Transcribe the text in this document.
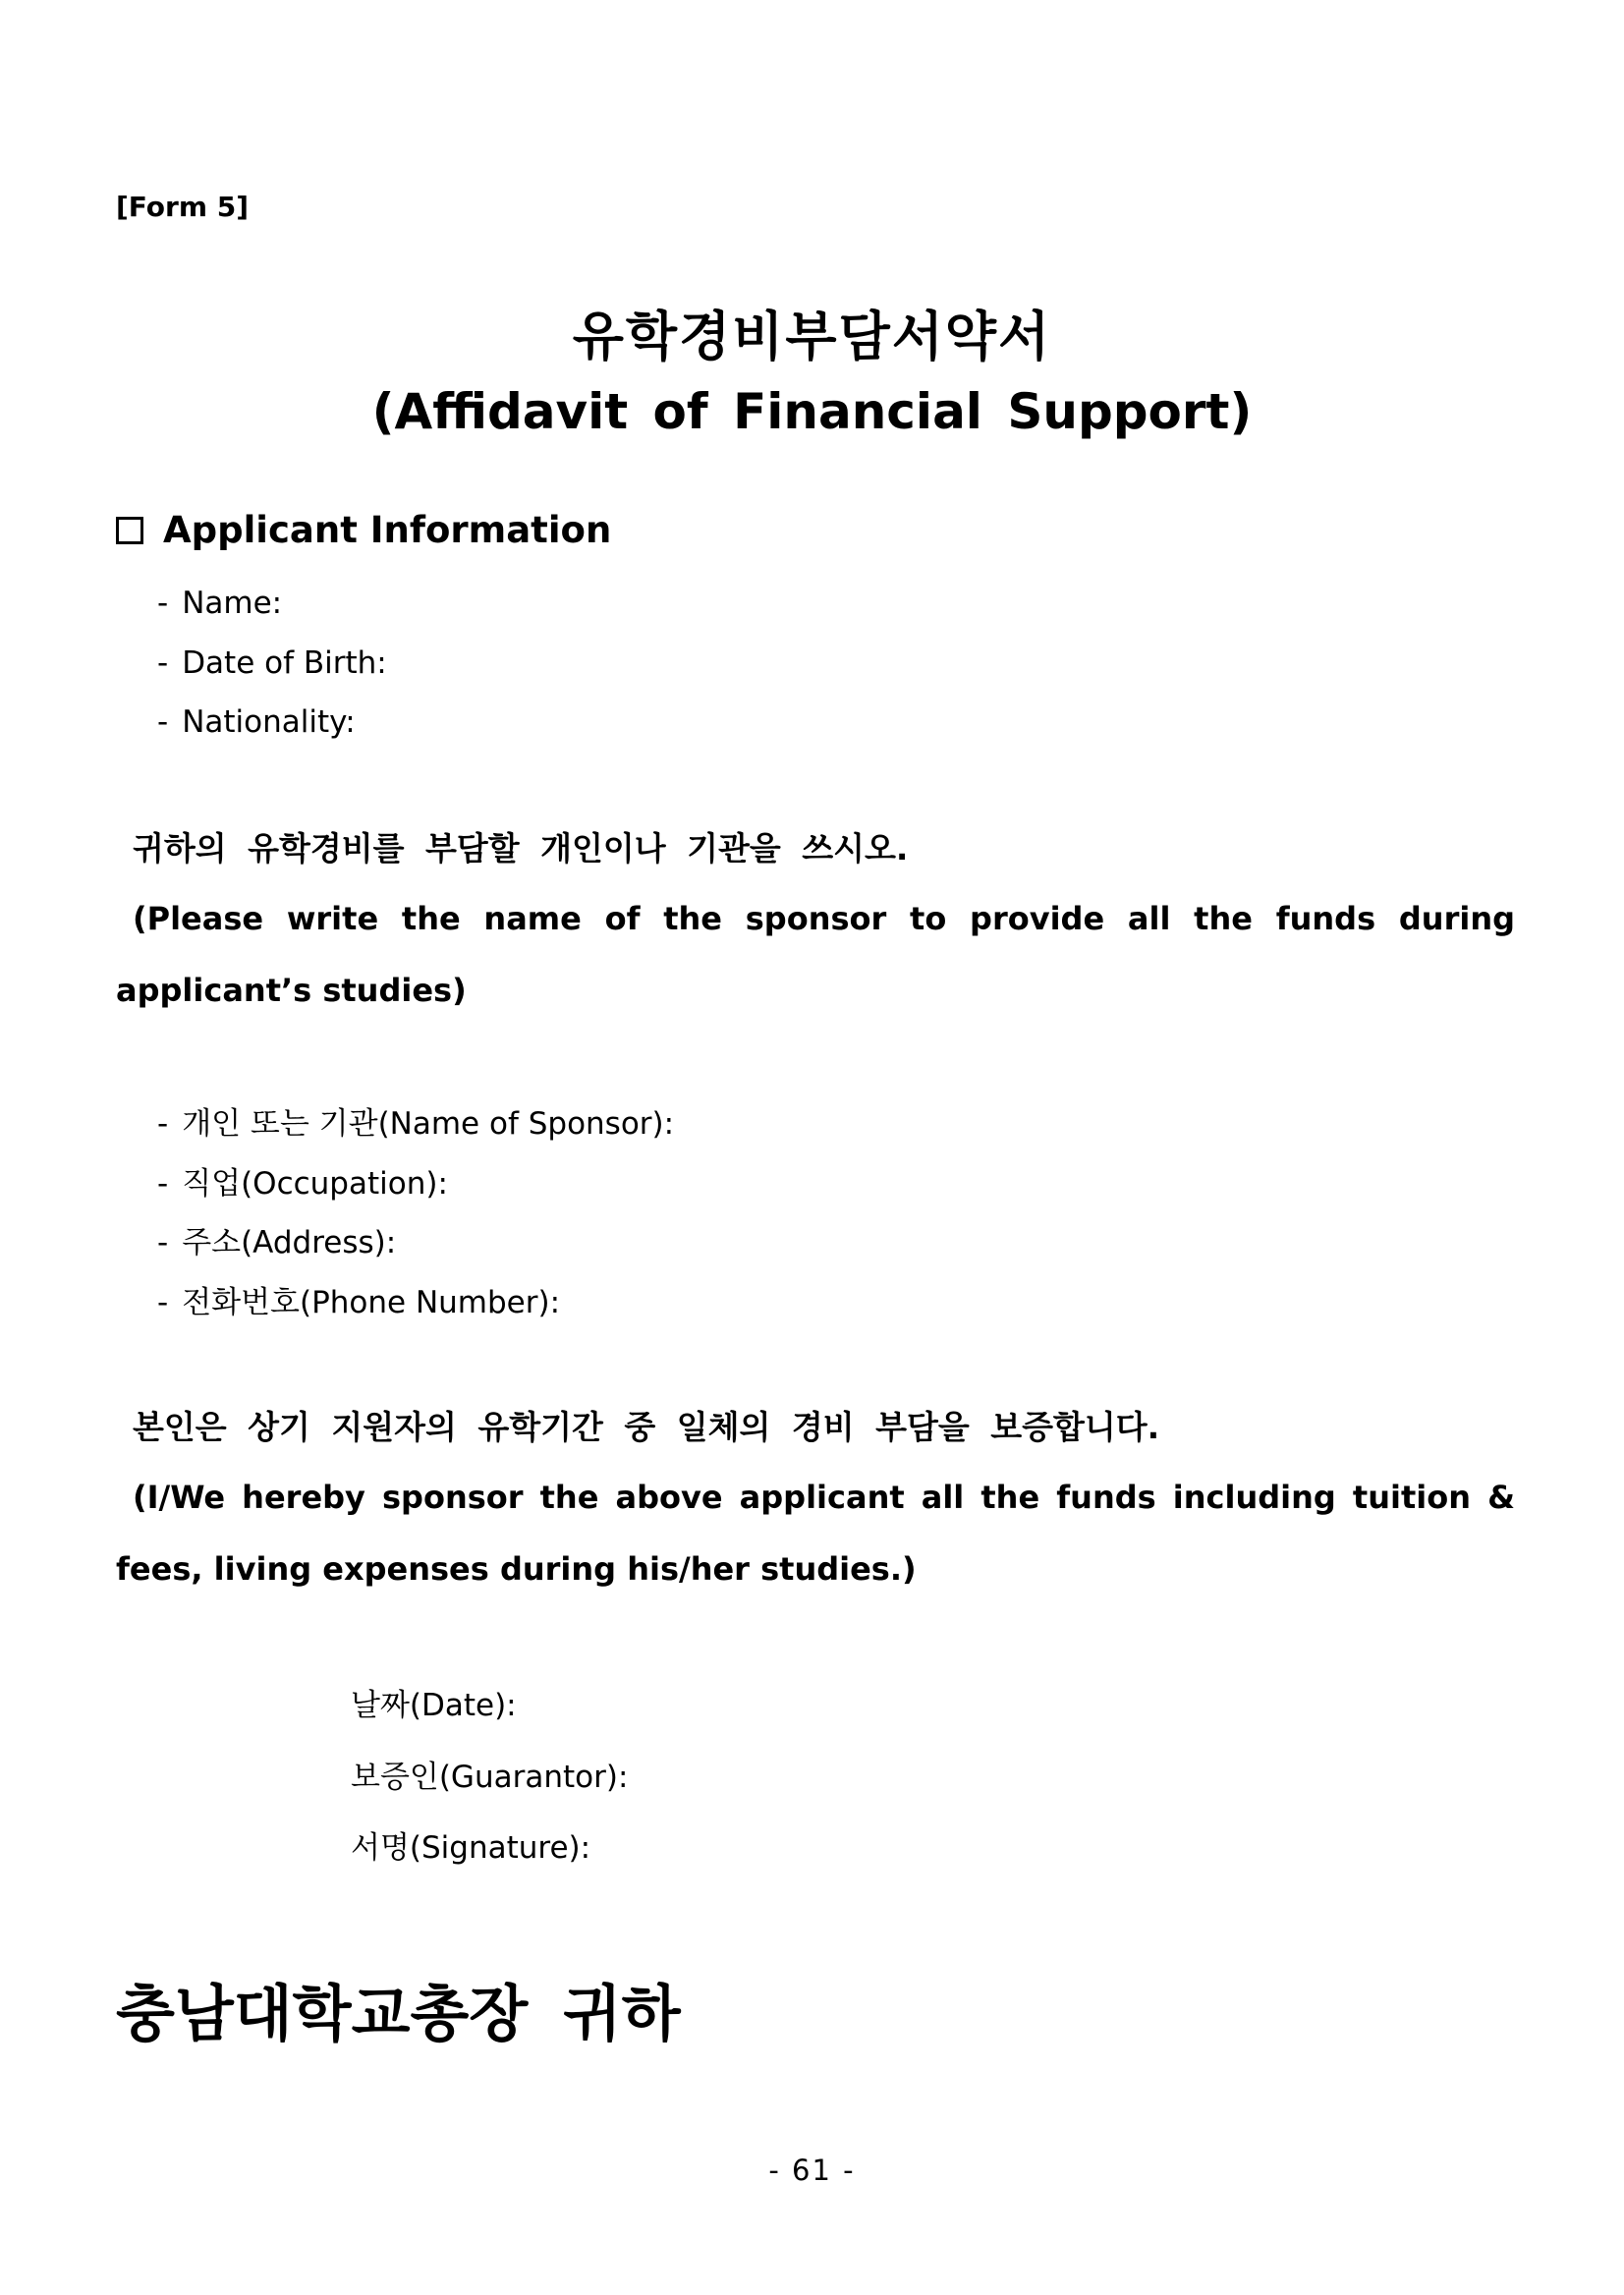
[Form 5]
유학경비부담서약서
(Affidavit of Financial Support)
Applicant Information
- Name:
- Date of Birth:
- Nationality:
귀하의 유학경비를 부담할 개인이나 기관을 쓰시오.

(Please write the name of the sponsor to provide all the funds during applicant’s studies)

- 개인 또는 기관(Name of Sponsor):
- 직업(Occupation):
- 주소(Address):
- 전화번호(Phone Number):
본인은 상기 지원자의 유학기간 중 일체의 경비 부담을 보증합니다.

(I/We hereby sponsor the above applicant all the funds including tuition & fees, living expenses during his/her studies.)

날짜(Date):
보증인(Guarantor):
서명(Signature):
충남대학교총장 귀하
- 61 -
